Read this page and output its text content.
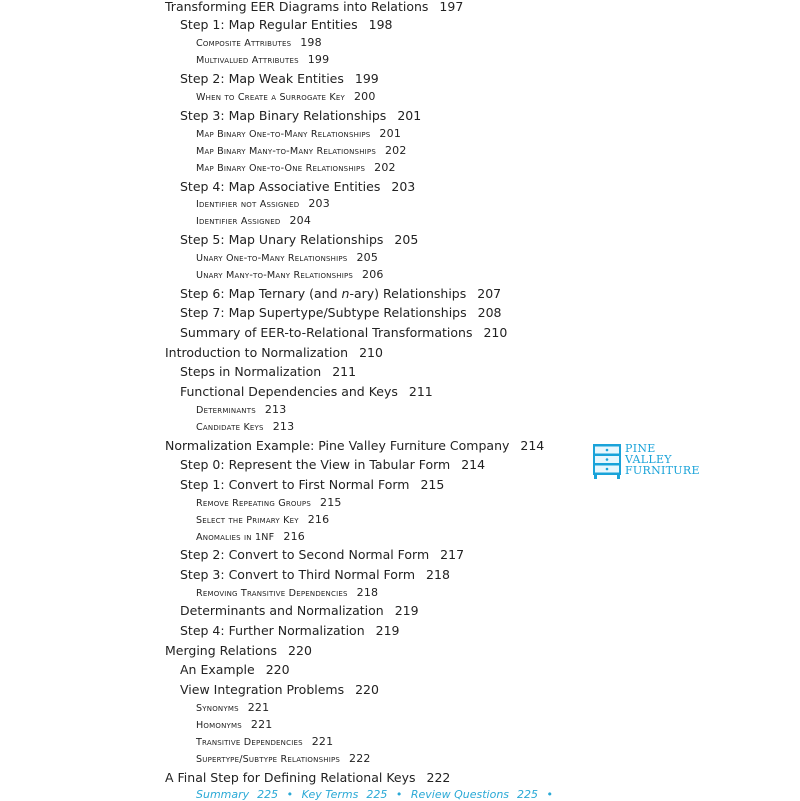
Transforming EER Diagrams into Relations 197
Step 1: Map Regular Entities 198
Composite Attributes 198
Multivalued Attributes 199
Step 2: Map Weak Entities 199
When to Create a Surrogate Key 200
Step 3: Map Binary Relationships 201
Map Binary One-to-Many Relationships 201
Map Binary Many-to-Many Relationships 202
Map Binary One-to-One Relationships 202
Step 4: Map Associative Entities 203
Identifier not Assigned 203
Identifier Assigned 204
Step 5: Map Unary Relationships 205
Unary One-to-Many Relationships 205
Unary Many-to-Many Relationships 206
Step 6: Map Ternary (and n-ary) Relationships 207
Step 7: Map Supertype/Subtype Relationships 208
Summary of EER-to-Relational Transformations 210
Introduction to Normalization 210
Steps in Normalization 211
Functional Dependencies and Keys 211
Determinants 213
Candidate Keys 213
Normalization Example: Pine Valley Furniture Company 214
Step 0: Represent the View in Tabular Form 214
Step 1: Convert to First Normal Form 215
Remove Repeating Groups 215
Select the Primary Key 216
Anomalies in 1NF 216
Step 2: Convert to Second Normal Form 217
Step 3: Convert to Third Normal Form 218
Removing Transitive Dependencies 218
Determinants and Normalization 219
Step 4: Further Normalization 219
Merging Relations 220
An Example 220
View Integration Problems 220
Synonyms 221
Homonyms 221
Transitive Dependencies 221
Supertype/Subtype Relationships 222
A Final Step for Defining Relational Keys 222
Summary 225 • Key Terms 225 • Review Questions 225 •
PINE
VALLEY
FURNITURE
